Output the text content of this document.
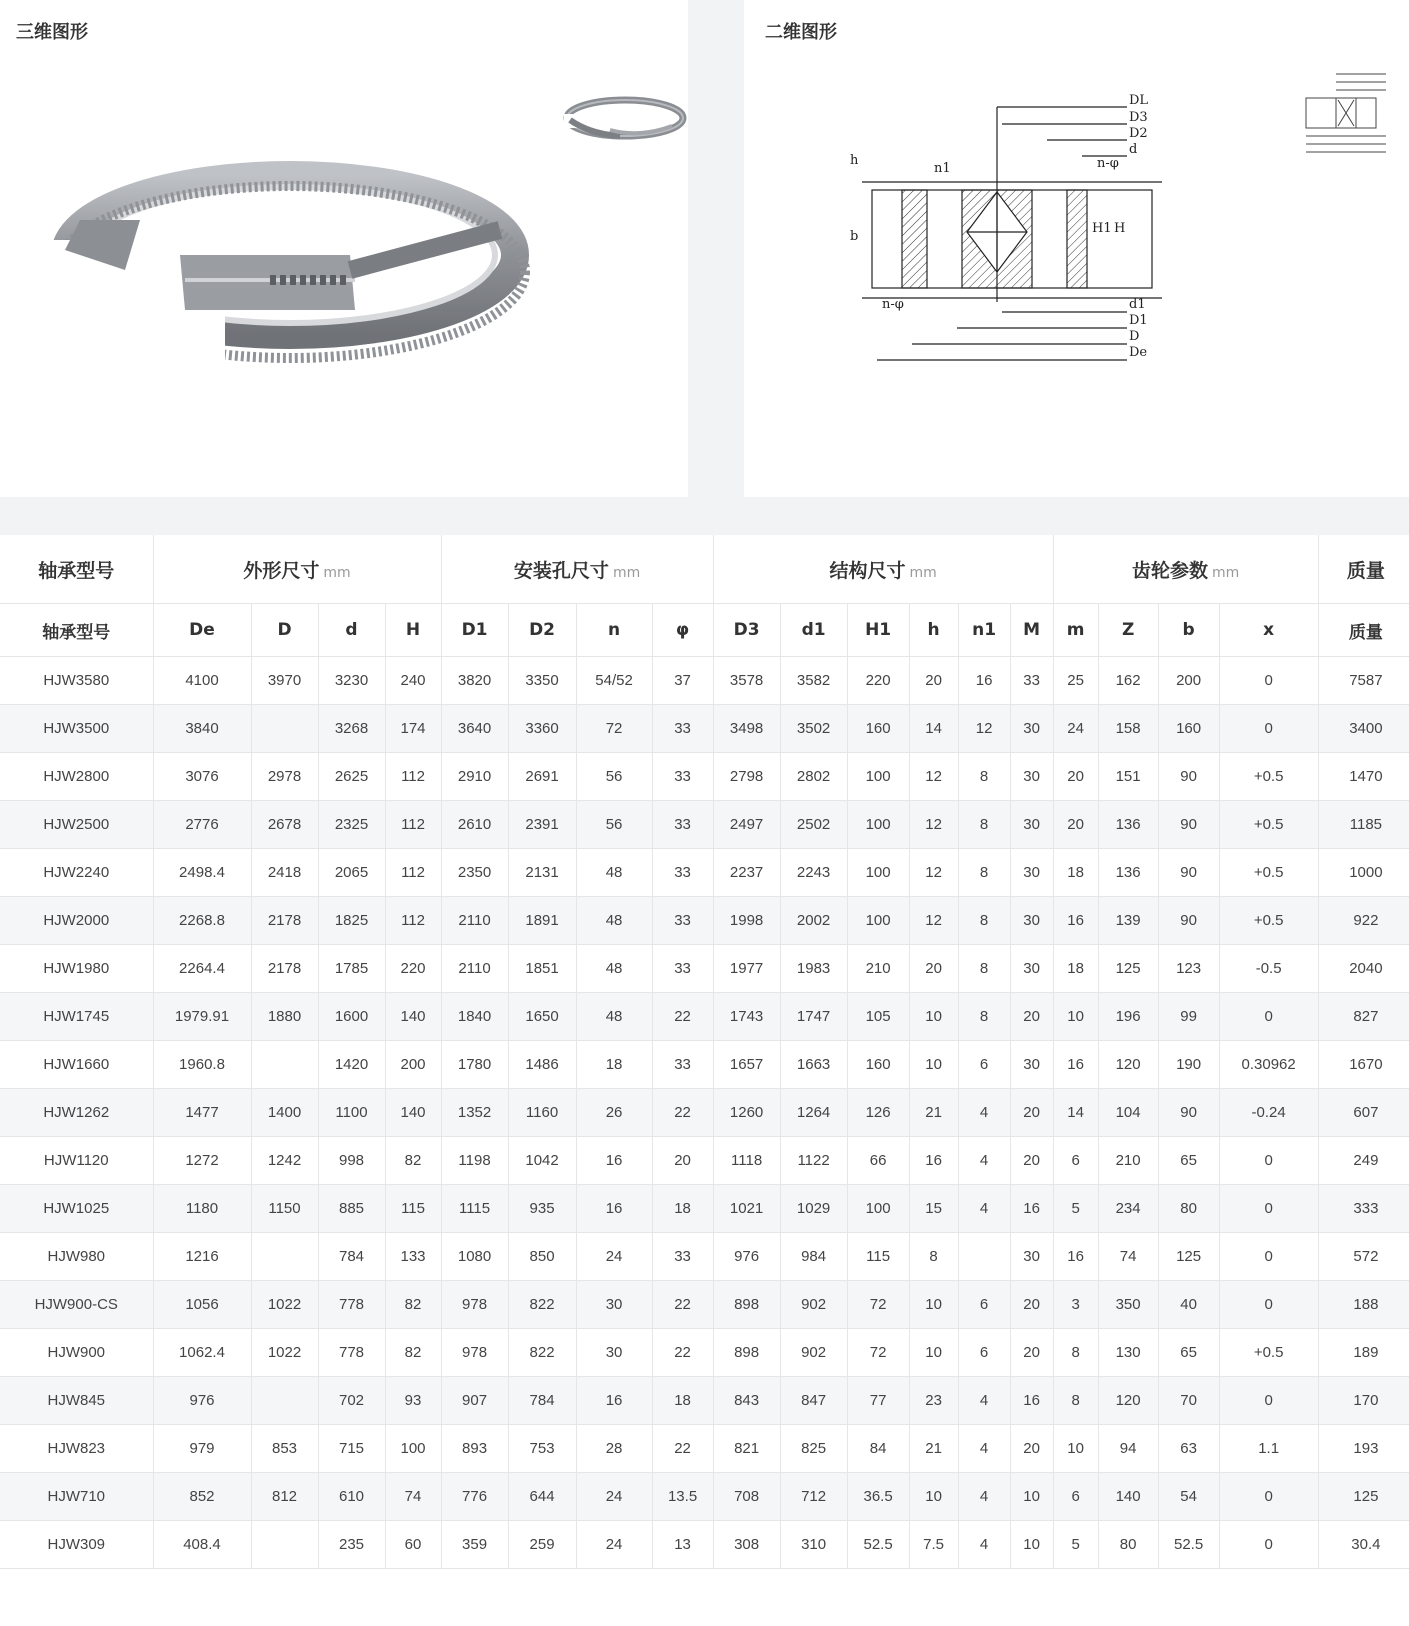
三维图形	二维图形
DL
D3
D2
d
h
b
n1	n-φ
H1 H
n-φ	d1
D1
D
De
轴承型号	外形尺寸 mm				安装孔尺寸 mm				结构尺寸 mm						齿轮参数 mm				质量
轴承型号	De	D	d	H	D1	D2	n	φ	D3	d1	H1	h	n1	M	m	Z	b	x	质量
HJW3580	4100	3970	3230	240	3820	3350	54/52	37	3578	3582	220	20	16	33	25	162	200	0	7587
HJW3500	3840		3268	174	3640	3360	72	33	3498	3502	160	14	12	30	24	158	160	0	3400
HJW2800	3076	2978	2625	112	2910	2691	56	33	2798	2802	100	12	8	30	20	151	90	+0.5	1470
HJW2500	2776	2678	2325	112	2610	2391	56	33	2497	2502	100	12	8	30	20	136	90	+0.5	1185
HJW2240	2498.4	2418	2065	112	2350	2131	48	33	2237	2243	100	12	8	30	18	136	90	+0.5	1000
HJW2000	2268.8	2178	1825	112	2110	1891	48	33	1998	2002	100	12	8	30	16	139	90	+0.5	922
HJW1980	2264.4	2178	1785	220	2110	1851	48	33	1977	1983	210	20	8	30	18	125	123	-0.5	2040
HJW1745	1979.91	1880	1600	140	1840	1650	48	22	1743	1747	105	10	8	20	10	196	99	0	827
HJW1660	1960.8		1420	200	1780	1486	18	33	1657	1663	160	10	6	30	16	120	190	0.30962	1670
HJW1262	1477	1400	1100	140	1352	1160	26	22	1260	1264	126	21	4	20	14	104	90	-0.24	607
HJW1120	1272	1242	998	82	1198	1042	16	20	1118	1122	66	16	4	20	6	210	65	0	249
HJW1025	1180	1150	885	115	1115	935	16	18	1021	1029	100	15	4	16	5	234	80	0	333
HJW980	1216		784	133	1080	850	24	33	976	984	115	8		30	16	74	125	0	572
HJW900-CS	1056	1022	778	82	978	822	30	22	898	902	72	10	6	20	3	350	40	0	188
HJW900	1062.4	1022	778	82	978	822	30	22	898	902	72	10	6	20	8	130	65	+0.5	189
HJW845	976		702	93	907	784	16	18	843	847	77	23	4	16	8	120	70	0	170
HJW823	979	853	715	100	893	753	28	22	821	825	84	21	4	20	10	94	63	1.1	193
HJW710	852	812	610	74	776	644	24	13.5	708	712	36.5	10	4	10	6	140	54	0	125
HJW309	408.4		235	60	359	259	24	13	308	310	52.5	7.5	4	10	5	80	52.5	0	30.4
